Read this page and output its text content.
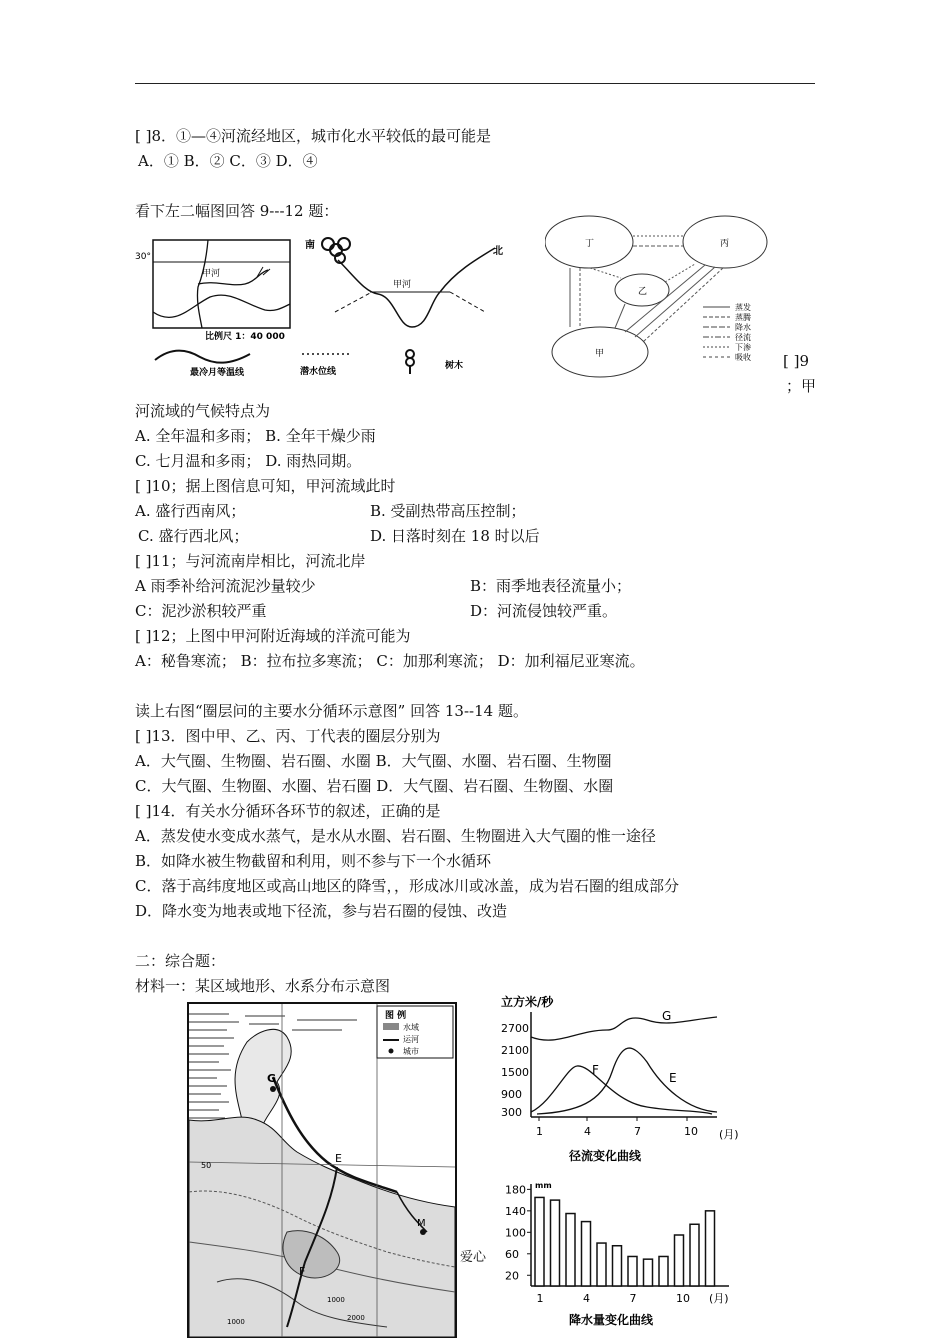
[ ]8．①—④河流经地区，城市化水平较低的最可能是
A．① B．② C．③ D．④
看下左二幅图回答 9---12 题：
30°
甲河
比例尺 1：40 000
最冷月等温线
南
北
甲河
潜水位线
树木
丁	丙
乙
甲
蒸发
蒸腾
降水
径流
下渗
吸收 [ ]9
；甲
河流域的气候特点为
A. 全年温和多雨； B. 全年干燥少雨
C. 七月温和多雨； D. 雨热同期。
[ ]10；据上图信息可知，甲河流域此时
A. 盛行西南风；	B. 受副热带高压控制；
C. 盛行西北风；	D. 日落时刻在 18 时以后
[ ]11；与河流南岸相比，河流北岸
A 雨季补给河流泥沙量较少	B：雨季地表径流量小；
C：泥沙淤积较严重	D：河流侵蚀较严重。
[ ]12；上图中甲河附近海域的洋流可能为
A：秘鲁寒流； B：拉布拉多寒流； C：加那利寒流； D：加利福尼亚寒流。
读上右图“圈层问的主要水分循环示意图” 回答 13--14 题。
[ ]13．图中甲、乙、丙、丁代表的圈层分别为
A．大气圈、生物圈、岩石圈、水圈 B．大气圈、水圈、岩石圈、生物圈
C．大气圈、生物圈、水圈、岩石圈 D．大气圈、岩石圈、生物圈、水圈
[ ]14．有关水分循环各环节的叙述，正确的是
A．蒸发使水变成水蒸气，是水从水圈、岩石圈、生物圈进入大气圈的惟一途径
B．如降水被生物截留和利用，则不参与下一个水循环
C．落于高纬度地区或高山地区的降雪，，形成冰川或冰盖，成为岩石圈的组成部分
D．降水变为地表或地下径流，参与岩石圈的侵蚀、改造
二：综合题：
材料一：某区域地形、水系分布示意图
图 例
水域
运河
城市
G
E
F
M
50
1000
1000
2000
爱心
立方米/秒
2700
2100
1500
900
300
1	4	7	10
G
F
E
(月)
径流变化曲线
mm
180
140
100
60
20
1	4	7	10 (月)
降水量变化曲线
